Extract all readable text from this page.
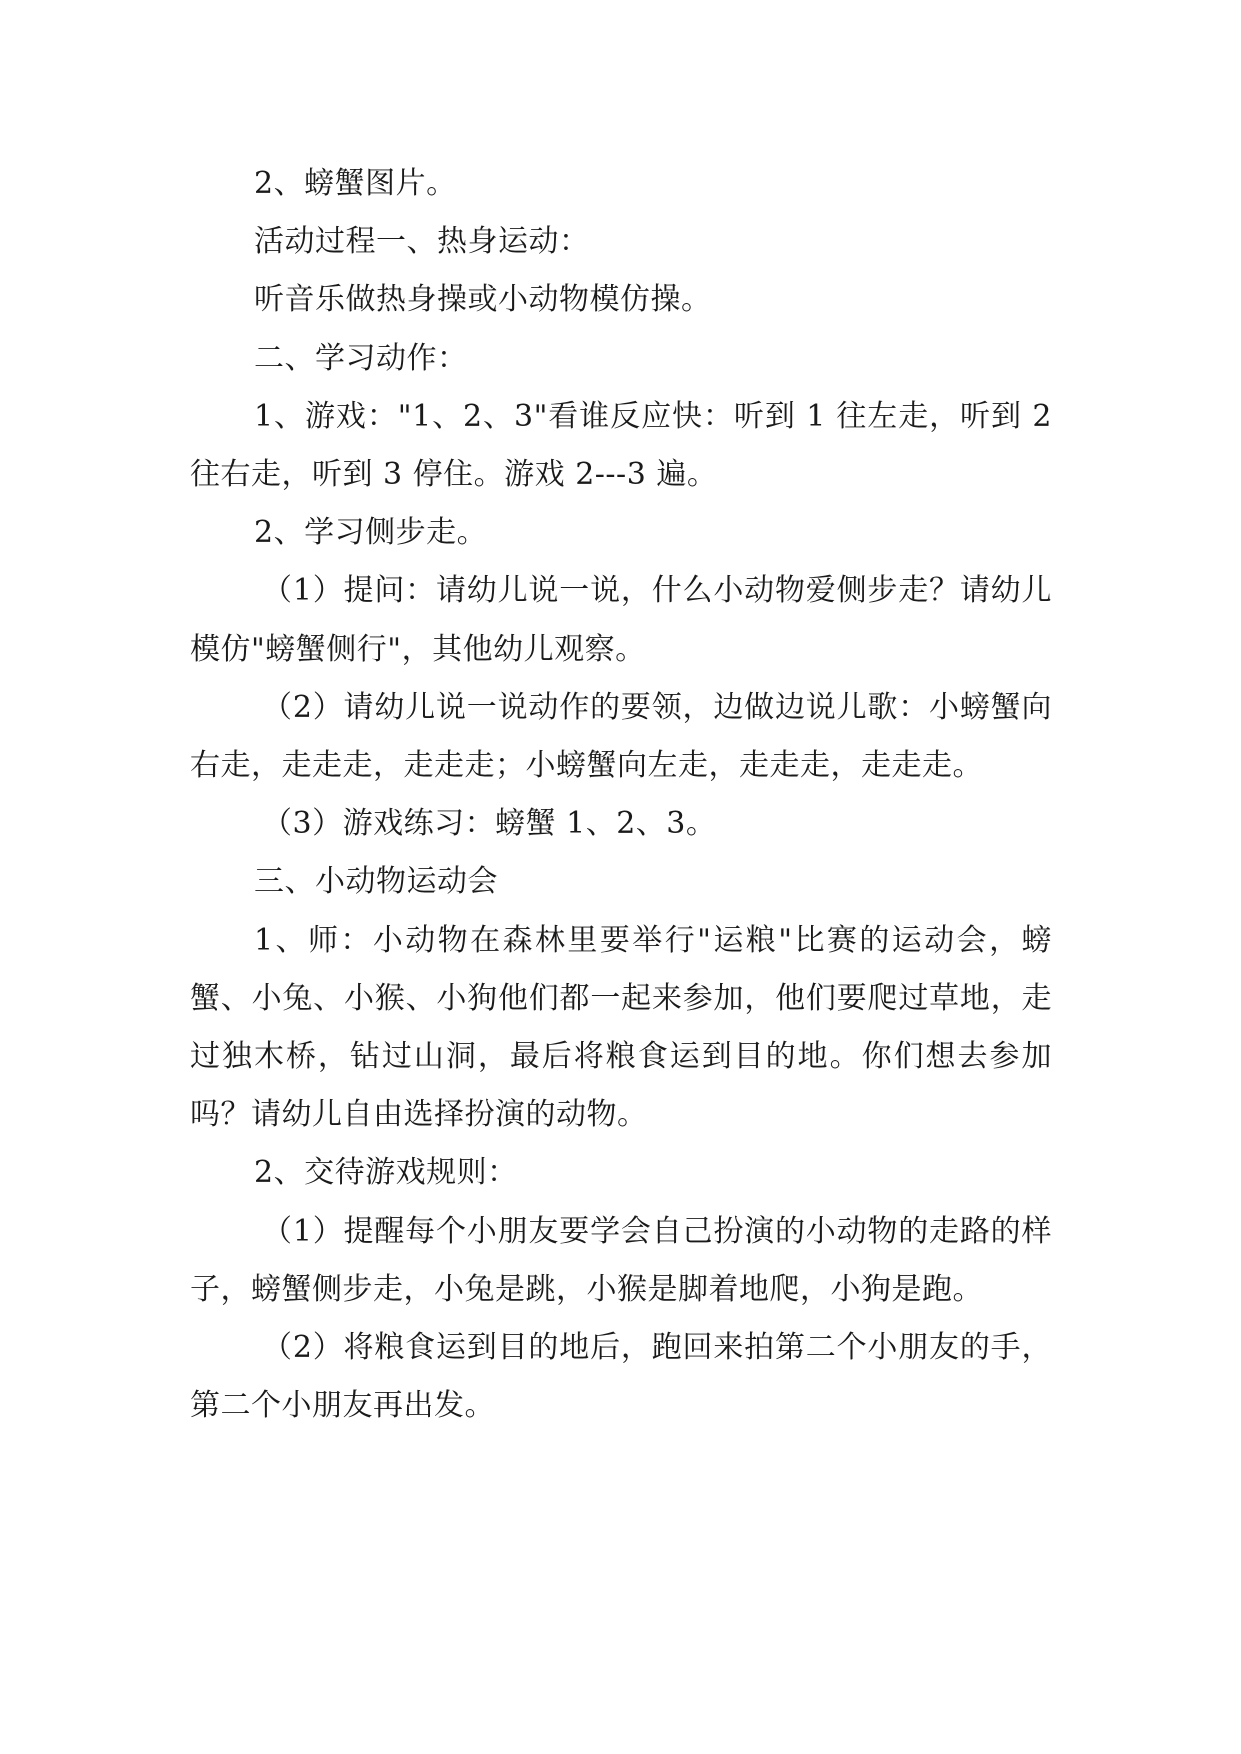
2、螃蟹图片。

活动过程一、热身运动：

听音乐做热身操或小动物模仿操。

二、学习动作：

1、游戏："1、2、3"看谁反应快：听到 1 往左走，听到 2 往右走，听到 3 停住。游戏 2---3 遍。

2、学习侧步走。

（1）提问：请幼儿说一说，什么小动物爱侧步走？请幼儿模仿"螃蟹侧行"，其他幼儿观察。

（2）请幼儿说一说动作的要领，边做边说儿歌：小螃蟹向右走，走走走，走走走；小螃蟹向左走，走走走，走走走。

（3）游戏练习：螃蟹 1、2、3。

三、小动物运动会

1、师：小动物在森林里要举行"运粮"比赛的运动会，螃蟹、小兔、小猴、小狗他们都一起来参加，他们要爬过草地，走过独木桥，钻过山洞，最后将粮食运到目的地。你们想去参加吗？请幼儿自由选择扮演的动物。

2、交待游戏规则：

（1）提醒每个小朋友要学会自己扮演的小动物的走路的样子，螃蟹侧步走，小兔是跳，小猴是脚着地爬，小狗是跑。

（2）将粮食运到目的地后，跑回来拍第二个小朋友的手，第二个小朋友再出发。
